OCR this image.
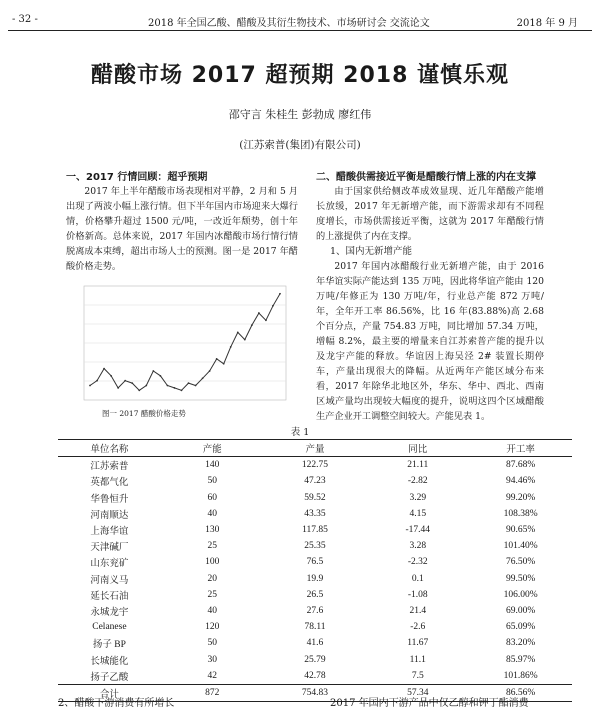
- 32 -	2018 年全国乙酸、醋酸及其衍生物技术、市场研讨会 交流论文	2018 年 9 月
醋酸市场 2017 超预期 2018 谨慎乐观
邵守言 朱桂生 彭勃成 廖红伟
(江苏索普(集团)有限公司)
一、2017 行情回顾：超乎预期

2017 年上半年醋酸市场表现相对平静，2 月和 5 月出现了两波小幅上涨行情。但下半年国内市场迎来大爆行情，价格攀升超过 1500 元/吨，一改近年颓势，创十年价格新高。总体来说，2017 年国内冰醋酸市场行情行情脱离成本束缚，超出市场人士的预测。图一是 2017 年醋酸价格走势。

图一 2017 醋酸价格走势
二、醋酸供需接近平衡是醋酸行情上涨的内在支撑

由于国家供给侧改革成效显现、近几年醋酸产能增长放缓，2017 年无新增产能，而下游需求却有不同程度增长，市场供需接近平衡，这就为 2017 年醋酸行情的上涨提供了内在支撑。

1、国内无新增产能

2017 年国内冰醋酸行业无新增产能，由于 2016 年华谊实际产能达到 135 万吨，因此将华谊产能由 120 万吨/年修正为 130 万吨/年，行业总产能 872 万吨/年，全年开工率 86.56%，比 16 年(83.88%)高 2.68 个百分点，产量 754.83 万吨，同比增加 57.34 万吨，增幅 8.2%，最主要的增量来自江苏索普产能的提升以及龙宇产能的释放。华谊因上海吴泾 2# 装置长期停车，产量出现很大的降幅。从近两年产能区域分布来看，2017 年除华北地区外，华东、华中、西北、西南区域产量均出现较大幅度的提升，说明这四个区域醋酸生产企业开工调整空间较大。产能见表 1。

表 1
单位名称	产能	产量	同比	开工率
江苏索普	140	122.75	21.11	87.68%
英都气化	50	47.23	-2.82	94.46%
华鲁恒升	60	59.52	3.29	99.20%
河南顺达	40	43.35	4.15	108.38%
上海华谊	130	117.85	-17.44	90.65%
天津碱厂	25	25.35	3.28	101.40%
山东兖矿	100	76.5	-2.32	76.50%
河南义马	20	19.9	0.1	99.50%
延长石油	25	26.5	-1.08	106.00%
永城龙宇	40	27.6	21.4	69.00%
Celanese	120	78.11	-2.6	65.09%
扬子 BP	50	41.6	11.67	83.20%
长城能化	30	25.79	11.1	85.97%
扬子乙酸	42	42.78	7.5	101.86%
合计	872	754.83	57.34	86.56%
2、醋酸下游消费有所增长	2017 年国内下游产品中仅乙醇和钾丁酯消费
